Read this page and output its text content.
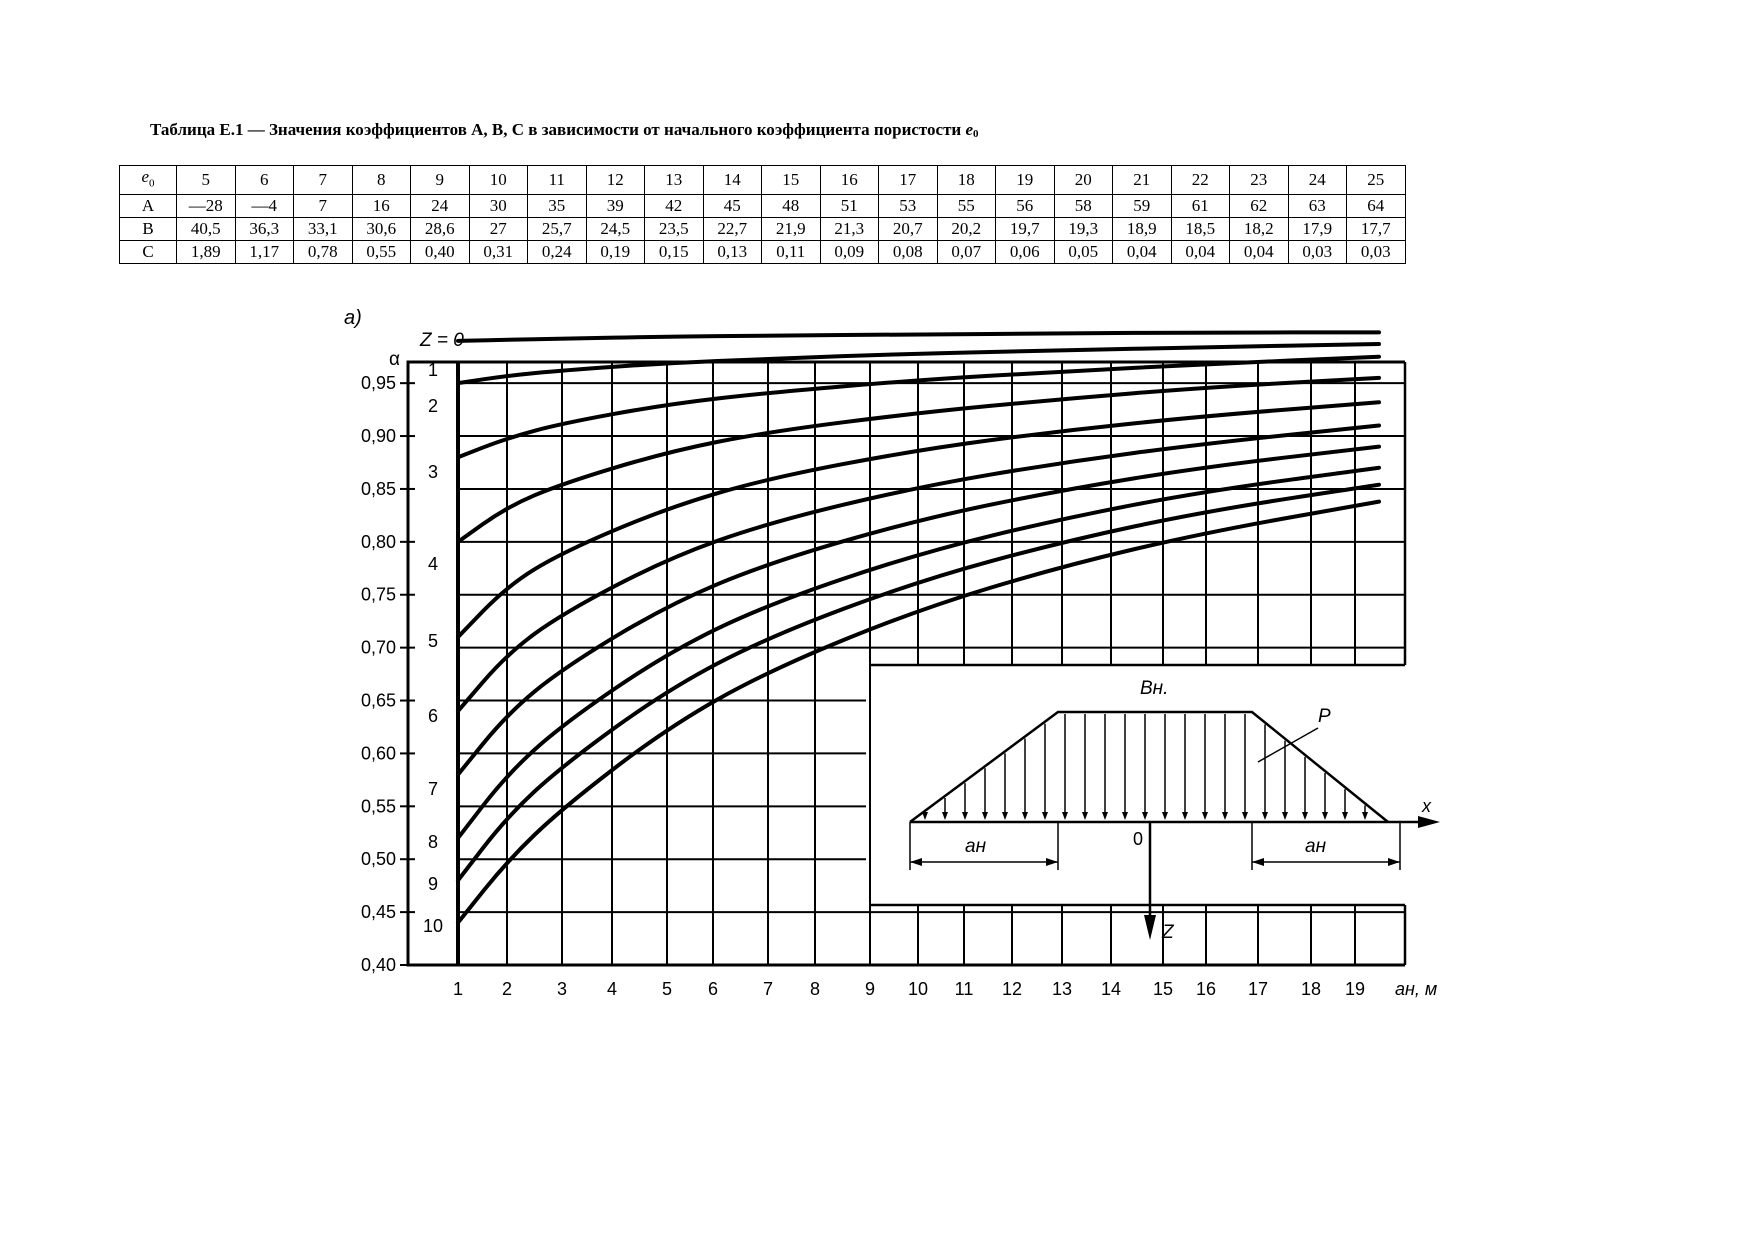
Таблица Е.1 — Значения коэффициентов А, В, С в зависимости от начального коэффициента пористости $e_0$
$e_0$	5	6	7	8	9	10	11	12	13	14	15	16	17	18	19	20	21	22	23	24	25
A	—28	—4	7	16	24	30	35	39	42	45	48	51	53	55	56	58	59	61	62	63	64
B	40,5	36,3	33,1	30,6	28,6	27	25,7	24,5	23,5	22,7	21,9	21,3	20,7	20,2	19,7	19,3	18,9	18,5	18,2	17,9	17,7
C	1,89	1,17	0,78	0,55	0,40	0,31	0,24	0,19	0,15	0,13	0,11	0,09	0,08	0,07	0,06	0,05	0,04	0,04	0,04	0,03	0,03
1
2
3
4
5
6
7
8
9
10
0,95
0,90
0,85
0,80
0,75
0,70
0,65
0,60
0,55
0,50
0,45
0,40
1 2 3 4 5 6 7 8 9 10 11 12 13 14 15 16 17 18 19 aн, м
α
Z = 0
а)
Вн.
P
x
0
Z
aн	aн
